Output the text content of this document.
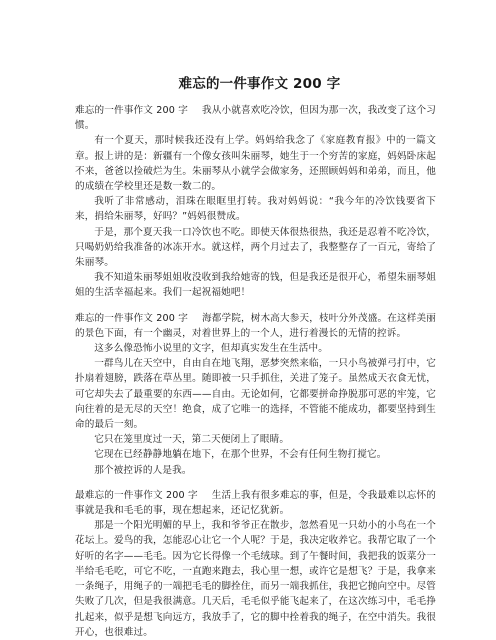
难忘的一件事作文 200 字

难忘的一件事作文 200 字 我从小就喜欢吃冷饮，但因为那一次，我改变了这个习惯。

有一个夏天，那时候我还没有上学。妈妈给我念了《家庭教育报》中的一篇文章。报上讲的是：新疆有一个像女孩叫朱丽琴，她生于一个穷苦的家庭，妈妈卧床起不来，爸爸以捡破烂为生。朱丽琴从小就学会做家务，还照顾妈妈和弟弟，而且，他的成绩在学校里还是数一数二的。

我听了非常感动，泪珠在眼眶里打转。我对妈妈说：“我今年的冷饮钱要省下来，捐给朱丽琴，好吗？”妈妈很赞成。

于是，那个夏天我一口冷饮也不吃。即使天体很热很热，我还是忍着不吃冷饮，只喝奶奶给我准备的冰冻开水。就这样，两个月过去了，我整整存了一百元，寄给了朱丽琴。

我不知道朱丽琴姐姐收没收到我给她寄的钱，但是我还是很开心，希望朱丽琴姐姐的生活幸福起来。我们一起祝福她吧！

难忘的一件事作文 200 字 海都学院，树木高大参天，枝叶分外茂盛。在这样美丽的景色下面，有一个幽灵，对着世界上的一个人，进行着漫长的无情的控诉。

这多么像恐怖小说里的文字，但却真实发生在生活中。

一群鸟儿在天空中，自由自在地飞翔，恶梦突然来临，一只小鸟被弹弓打中，它扑扇着翅膀，跌落在草丛里。随即被一只手抓住，关进了笼子。虽然成天衣食无忧，可它却失去了最重要的东西——自由。无论如何，它都要拼命挣脱那可恶的牢笼，它向往着的是无尽的天空！绝食，成了它唯一的选择，不管能不能成功，都要坚持到生命的最后一刻。

它只在笼里度过一天，第二天便闭上了眼睛。

它现在已经静静地躺在地下，在那个世界，不会有任何生物打搅它。

那个被控诉的人是我。

最难忘的一件事作文 200 字 生活上我有很多难忘的事，但是，令我最难以忘怀的事就是我和毛毛的事，现在想起来，还记忆犹新。

那是一个阳光明媚的早上，我和爷爷正在散步，忽然看见一只幼小的小鸟在一个花坛上。爱鸟的我，怎能忍心让它一个人呢？于是，我决定收养它。我帮它取了一个好听的名字——毛毛。因为它长得像一个毛绒球。到了午餐时间，我把我的饭菜分一半给毛毛吃，可它不吃，一直跑来跑去，我心里一想，或许它是想飞？于是，我拿来一条绳子，用绳子的一端把毛毛的脚拴住，而另一端我抓住，我把它抛向空中。尽管失败了几次，但是我很满意。几天后，毛毛似乎能飞起来了，在这次练习中，毛毛挣扎起来，似乎是想飞向远方，我放手了，它的脚中拴着我的绳子，在空中消失。我很开心，也很难过。
